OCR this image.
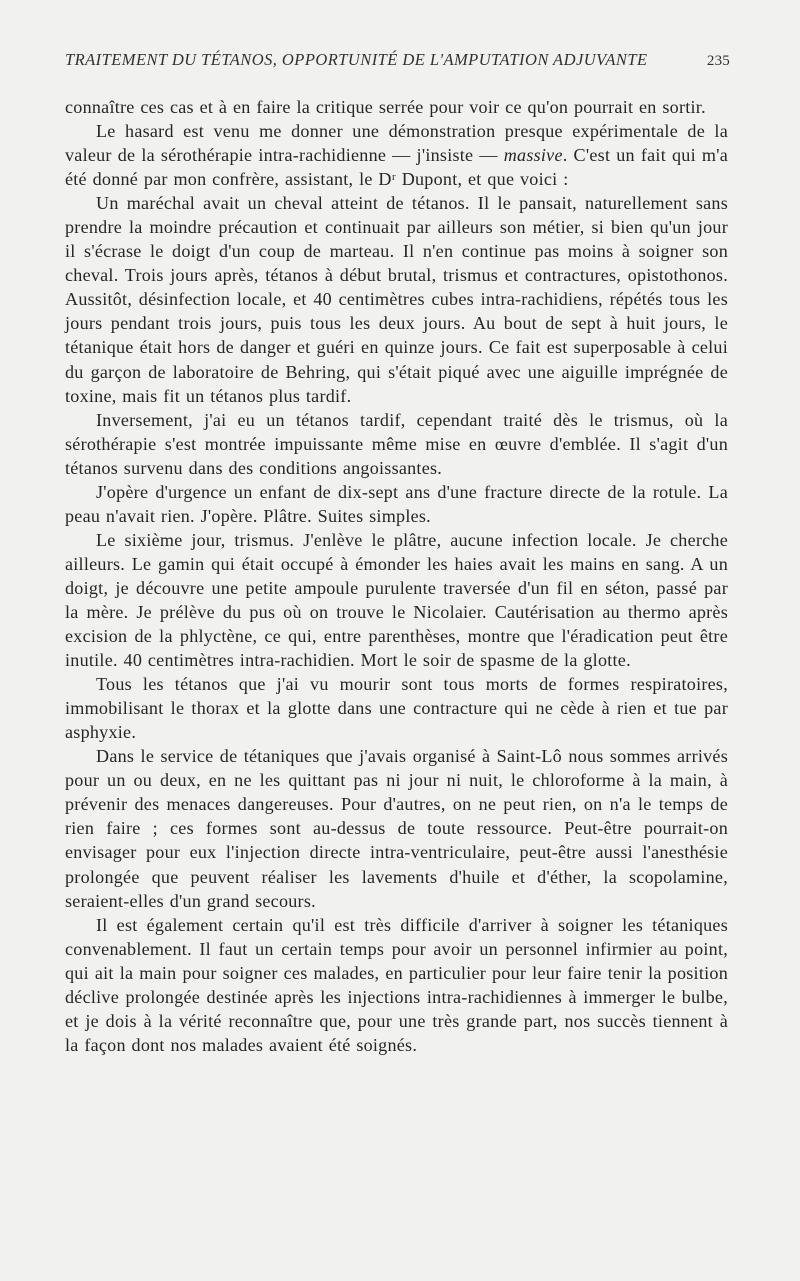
TRAITEMENT DU TÉTANOS, OPPORTUNITÉ DE L'AMPUTATION ADJUVANTE	235

connaître ces cas et à en faire la critique serrée pour voir ce qu'on pourrait en sortir.

Le hasard est venu me donner une démonstration presque expérimentale de la valeur de la sérothérapie intra-rachidienne — j'insiste — massive. C'est un fait qui m'a été donné par mon confrère, assistant, le Dʳ Dupont, et que voici :

Un maréchal avait un cheval atteint de tétanos. Il le pansait, naturellement sans prendre la moindre précaution et continuait par ailleurs son métier, si bien qu'un jour il s'écrase le doigt d'un coup de marteau. Il n'en continue pas moins à soigner son cheval. Trois jours après, tétanos à début brutal, trismus et contractures, opistothonos. Aussitôt, désinfection locale, et 40 centimètres cubes intra-rachidiens, répétés tous les jours pendant trois jours, puis tous les deux jours. Au bout de sept à huit jours, le tétanique était hors de danger et guéri en quinze jours. Ce fait est superposable à celui du garçon de laboratoire de Behring, qui s'était piqué avec une aiguille imprégnée de toxine, mais fit un tétanos plus tardif.

Inversement, j'ai eu un tétanos tardif, cependant traité dès le trismus, où la sérothérapie s'est montrée impuissante même mise en œuvre d'emblée. Il s'agit d'un tétanos survenu dans des conditions angoissantes.

J'opère d'urgence un enfant de dix-sept ans d'une fracture directe de la rotule. La peau n'avait rien. J'opère. Plâtre. Suites simples.

Le sixième jour, trismus. J'enlève le plâtre, aucune infection locale. Je cherche ailleurs. Le gamin qui était occupé à émonder les haies avait les mains en sang. A un doigt, je découvre une petite ampoule purulente traversée d'un fil en séton, passé par la mère. Je prélève du pus où on trouve le Nicolaier. Cautérisation au thermo après excision de la phlyctène, ce qui, entre parenthèses, montre que l'éradication peut être inutile. 40 centimètres intra-rachidien. Mort le soir de spasme de la glotte.

Tous les tétanos que j'ai vu mourir sont tous morts de formes respiratoires, immobilisant le thorax et la glotte dans une contracture qui ne cède à rien et tue par asphyxie.

Dans le service de tétaniques que j'avais organisé à Saint-Lô nous sommes arrivés pour un ou deux, en ne les quittant pas ni jour ni nuit, le chloroforme à la main, à prévenir des menaces dangereuses. Pour d'autres, on ne peut rien, on n'a le temps de rien faire ; ces formes sont au-dessus de toute ressource. Peut-être pourrait-on envisager pour eux l'injection directe intra-ventriculaire, peut-être aussi l'anesthésie prolongée que peuvent réaliser les lavements d'huile et d'éther, la scopolamine, seraient-elles d'un grand secours.

Il est également certain qu'il est très difficile d'arriver à soigner les tétaniques convenablement. Il faut un certain temps pour avoir un personnel infirmier au point, qui ait la main pour soigner ces malades, en particulier pour leur faire tenir la position déclive prolongée destinée après les injections intra-rachidiennes à immerger le bulbe, et je dois à la vérité reconnaître que, pour une très grande part, nos succès tiennent à la façon dont nos malades avaient été soignés.
